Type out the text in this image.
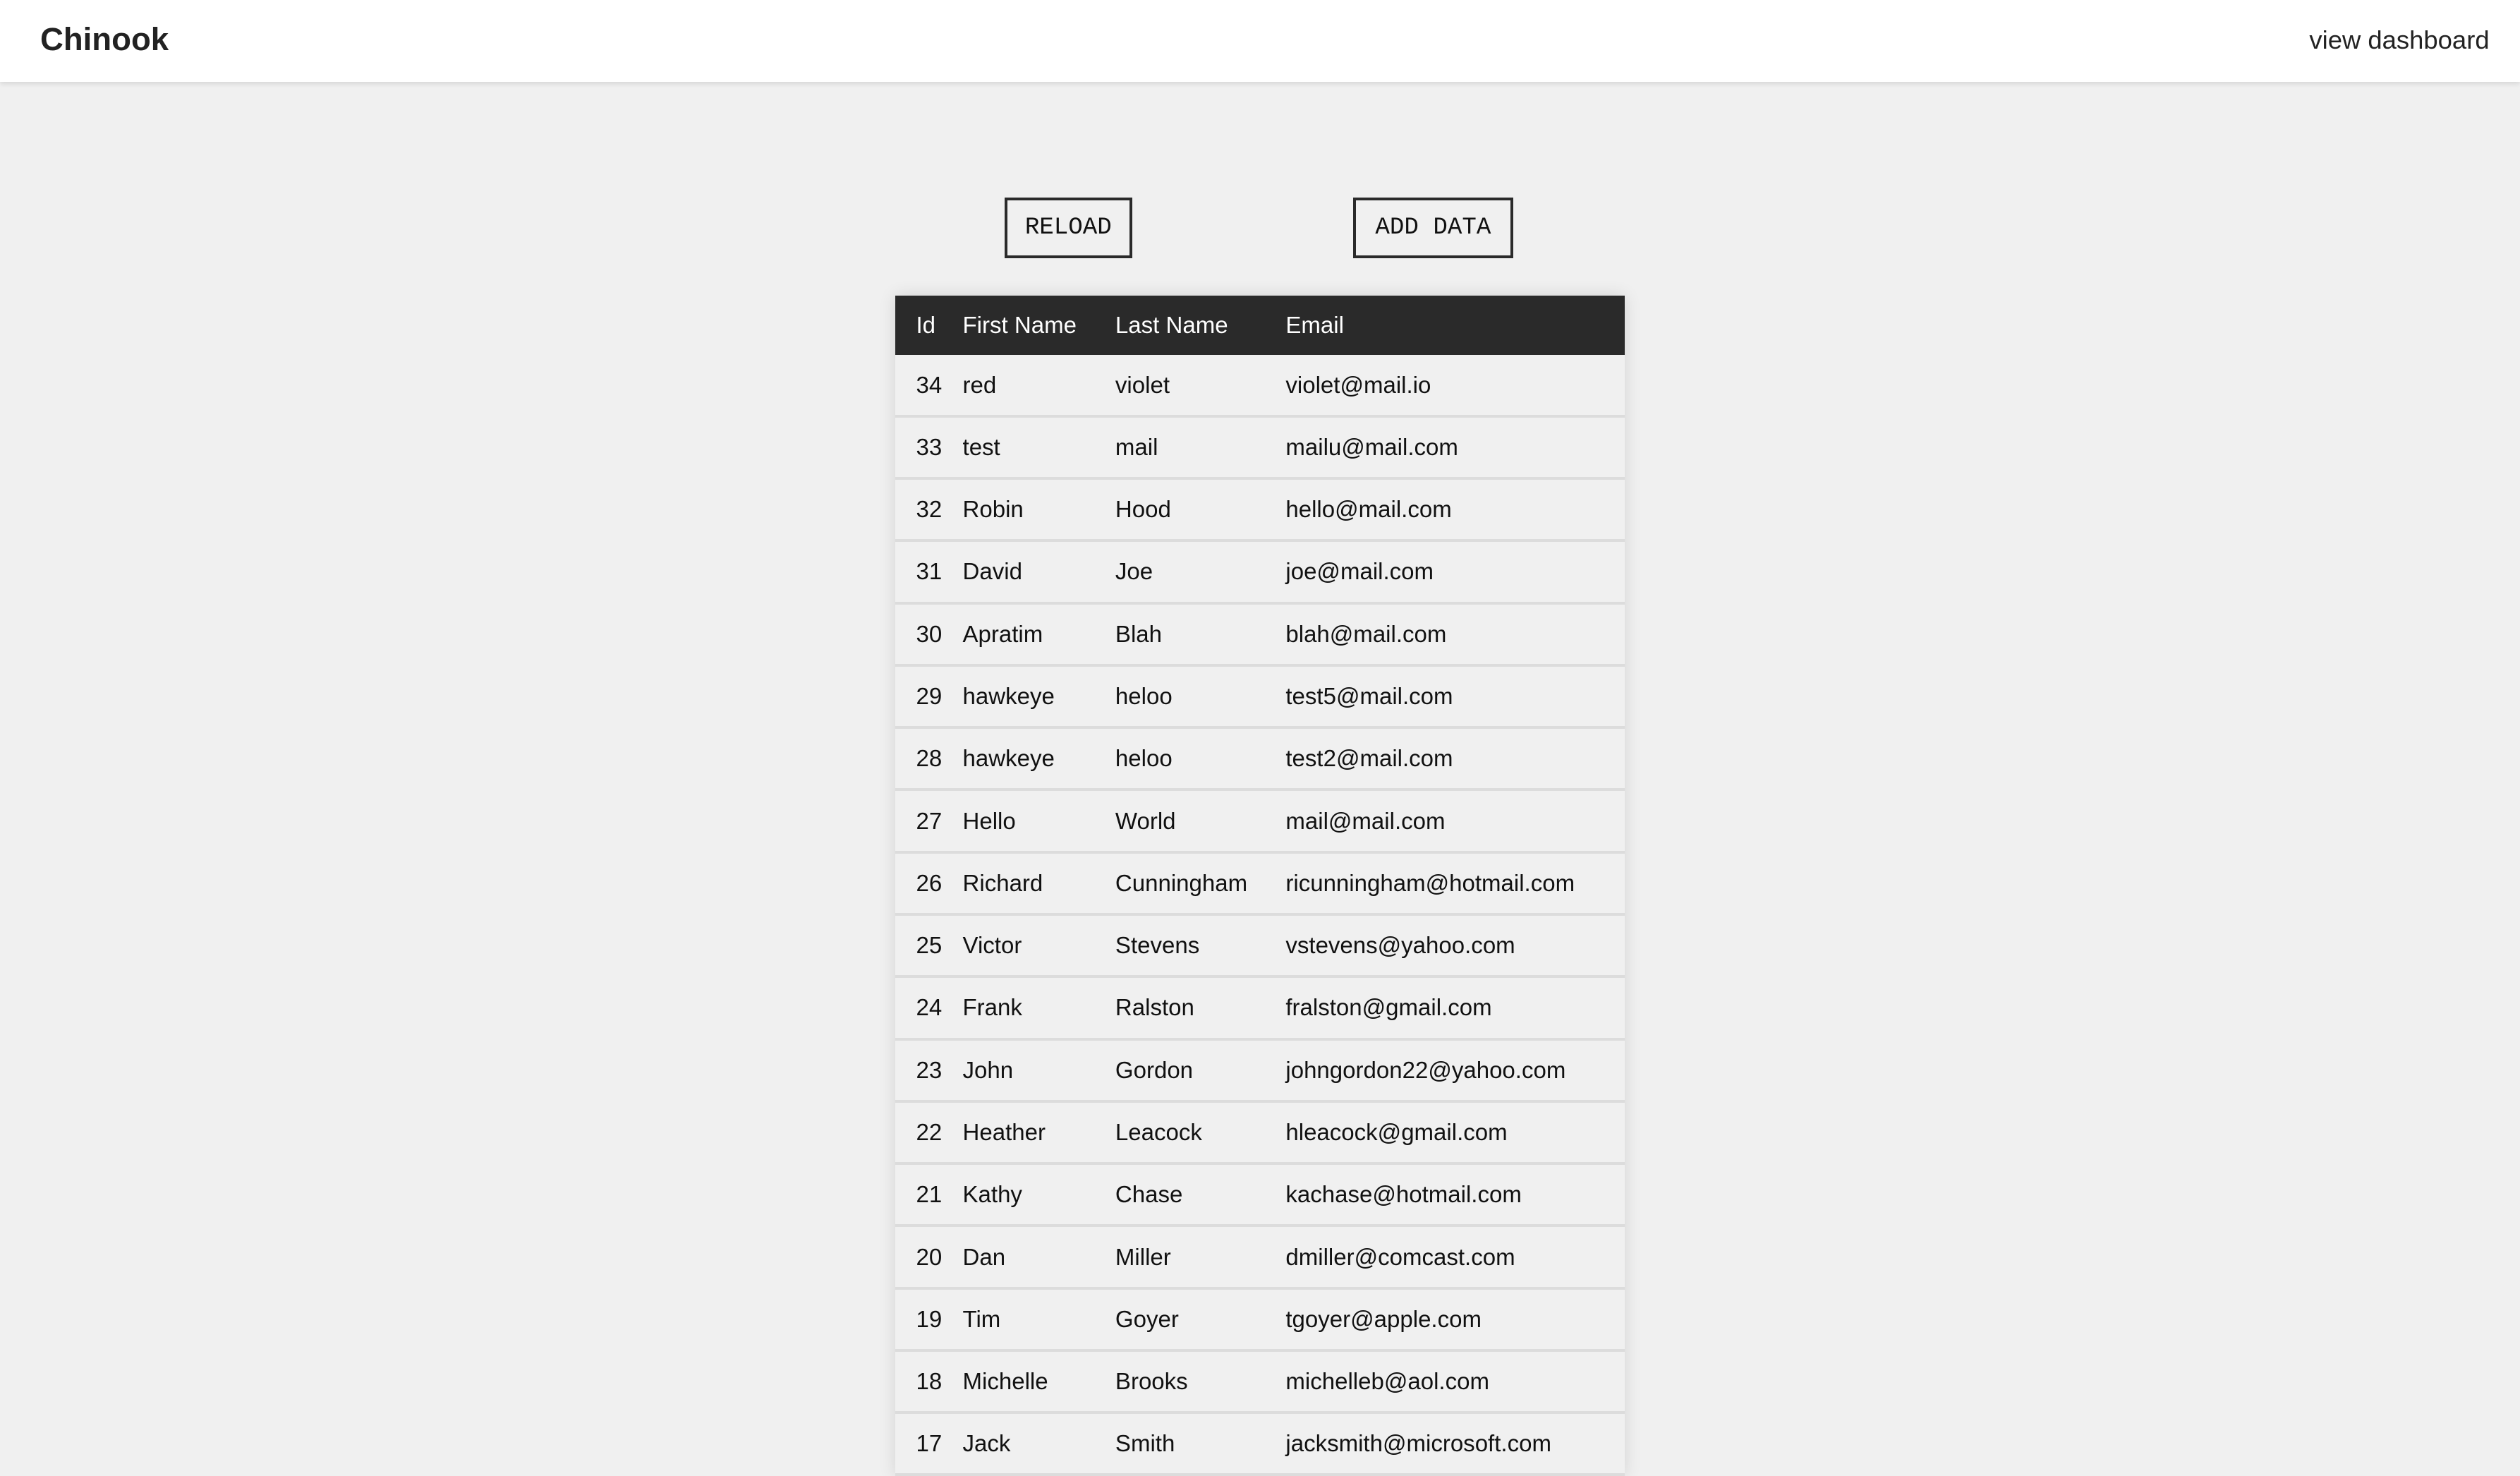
Chinook	view dashboard
RELOAD	ADD DATA
Id	First Name	Last Name	Email
34	red	violet	violet@mail.io
33	test	mail	mailu@mail.com
32	Robin	Hood	hello@mail.com
31	David	Joe	joe@mail.com
30	Apratim	Blah	blah@mail.com
29	hawkeye	heloo	test5@mail.com
28	hawkeye	heloo	test2@mail.com
27	Hello	World	mail@mail.com
26	Richard	Cunningham	ricunningham@hotmail.com
25	Victor	Stevens	vstevens@yahoo.com
24	Frank	Ralston	fralston@gmail.com
23	John	Gordon	johngordon22@yahoo.com
22	Heather	Leacock	hleacock@gmail.com
21	Kathy	Chase	kachase@hotmail.com
20	Dan	Miller	dmiller@comcast.com
19	Tim	Goyer	tgoyer@apple.com
18	Michelle	Brooks	michelleb@aol.com
17	Jack	Smith	jacksmith@microsoft.com
